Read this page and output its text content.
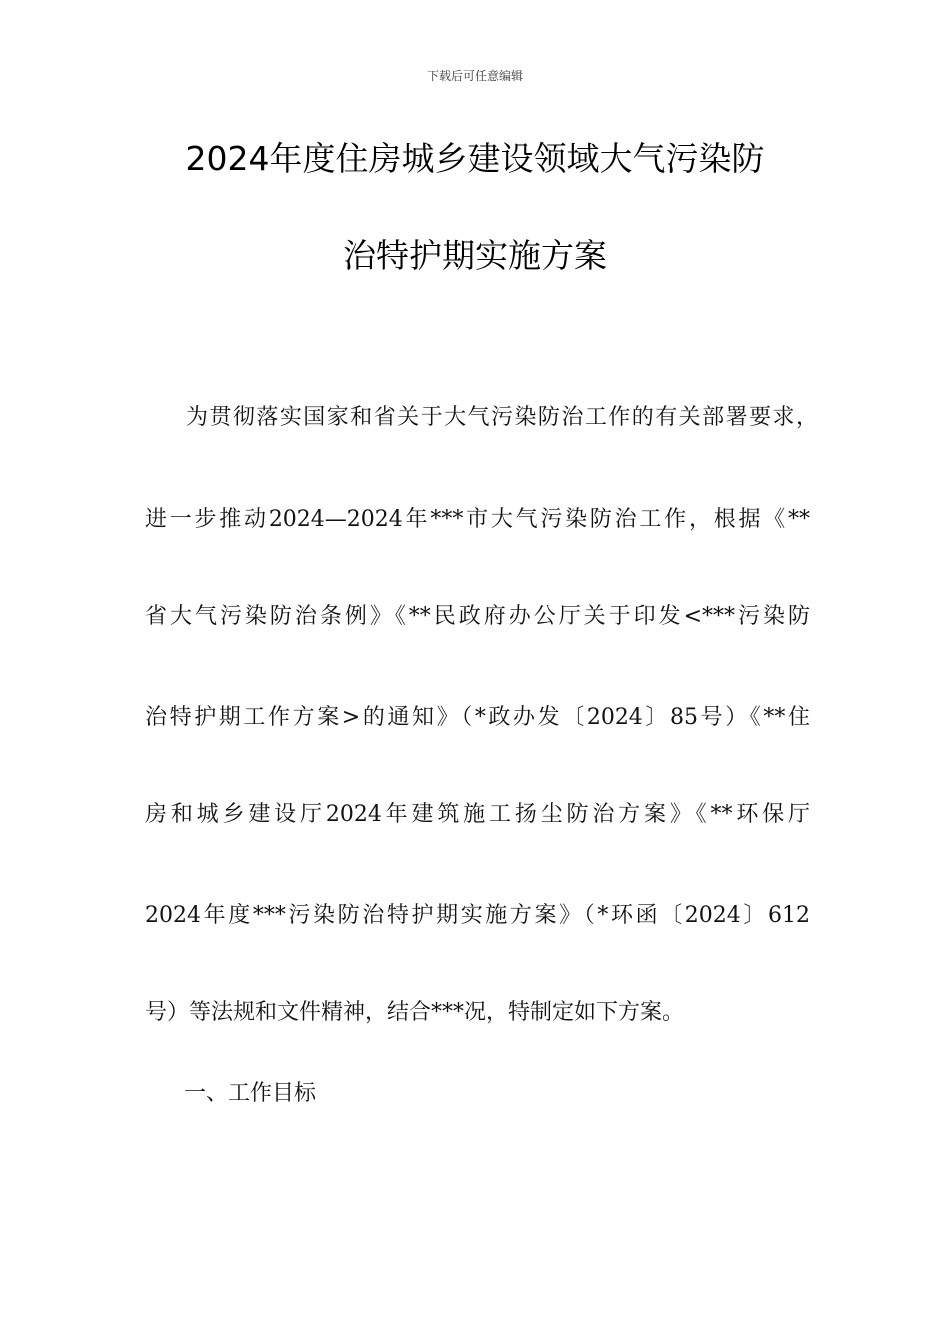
下载后可任意编辑
2024年度住房城乡建设领域大气污染防
治特护期实施方案
为贯彻落实国家和省关于大气污染防治工作的有关部署要求，
进一步推动2024—2024年***市大气污染防治工作，根据《**
省大气污染防治条例》《**民政府办公厅关于印发<***污染防
治特护期工作方案>的通知》（*政办发〔2024〕85号）《**住
房和城乡建设厅2024年建筑施工扬尘防治方案》《**环保厅
2024年度***污染防治特护期实施方案》（*环函〔2024〕612
号）等法规和文件精神，结合***况，特制定如下方案。
一、工作目标
